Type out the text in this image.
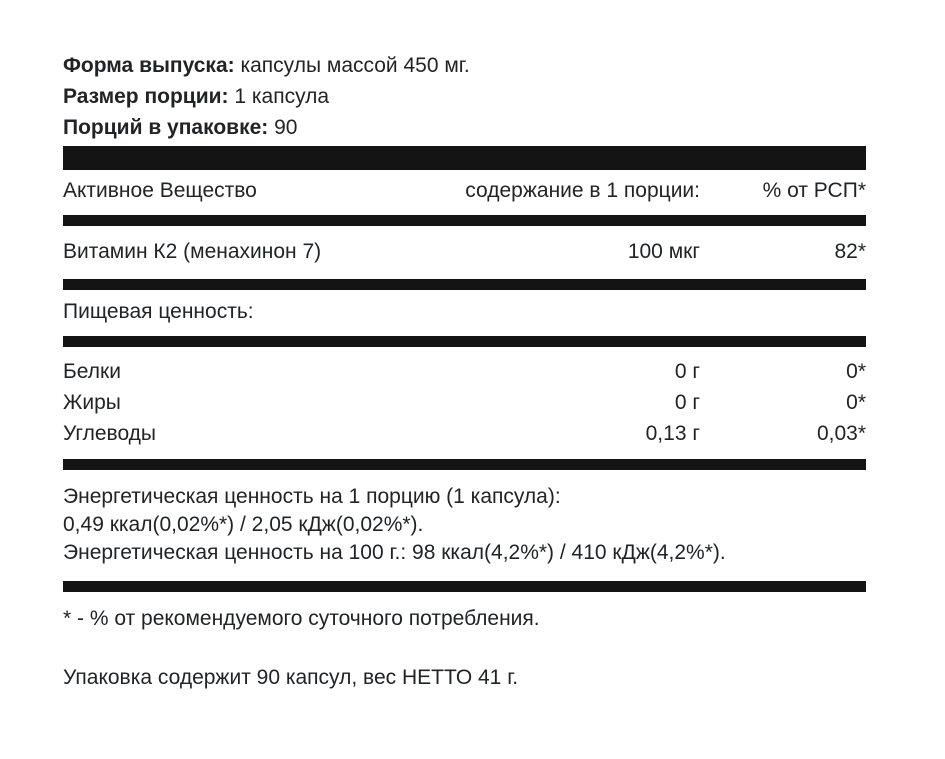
Форма выпуска: капсулы массой 450 мг.
Размер порции: 1 капсула
Порций в упаковке: 90
Активное Вещество	содержание в 1 порции:	% от РСП*
Витамин К2 (менахинон 7)	100 мкг	82*
Пищевая ценность:
Белки	0 г	0*
Жиры	0 г	0*
Углеводы	0,13 г	0,03*
Энергетическая ценность на 1 порцию (1 капсула):
0,49 ккал(0,02%*) / 2,05 кДж(0,02%*).
Энергетическая ценность на 100 г.: 98 ккал(4,2%*) / 410 кДж(4,2%*).
* - % от рекомендуемого суточного потребления.
Упаковка содержит 90 капсул, вес НЕТТО 41 г.
